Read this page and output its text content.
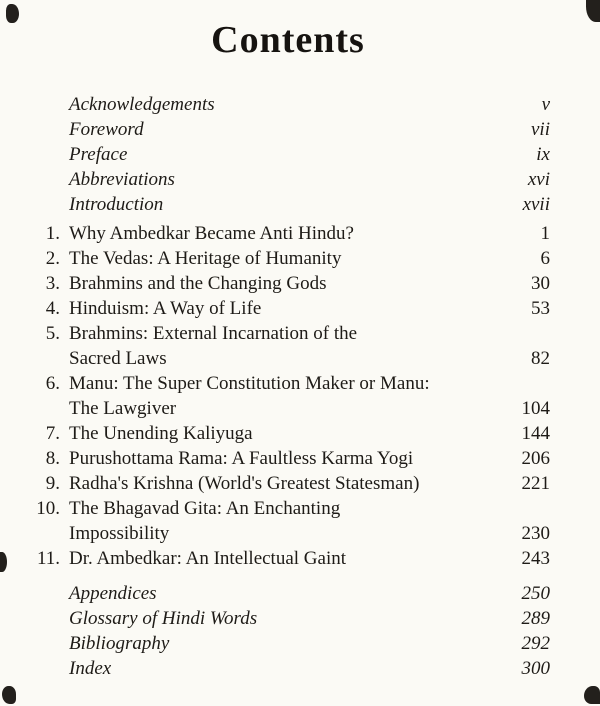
Contents
Acknowledgements	v
Foreword	vii
Preface	ix
Abbreviations	xvi
Introduction	xvii
1. Why Ambedkar Became Anti Hindu?	1
2. The Vedas: A Heritage of Humanity	6
3. Brahmins and the Changing Gods	30
4. Hinduism: A Way of Life	53
5. Brahmins: External Incarnation of the
Sacred Laws	82
6. Manu: The Super Constitution Maker or Manu:
The Lawgiver	104
7. The Unending Kaliyuga	144
8. Purushottama Rama: A Faultless Karma Yogi	206
9. Radha's Krishna (World's Greatest Statesman)	221
10. The Bhagavad Gita: An Enchanting
Impossibility	230
11. Dr. Ambedkar: An Intellectual Gaint	243
Appendices	250
Glossary of Hindi Words	289
Bibliography	292
Index	300
